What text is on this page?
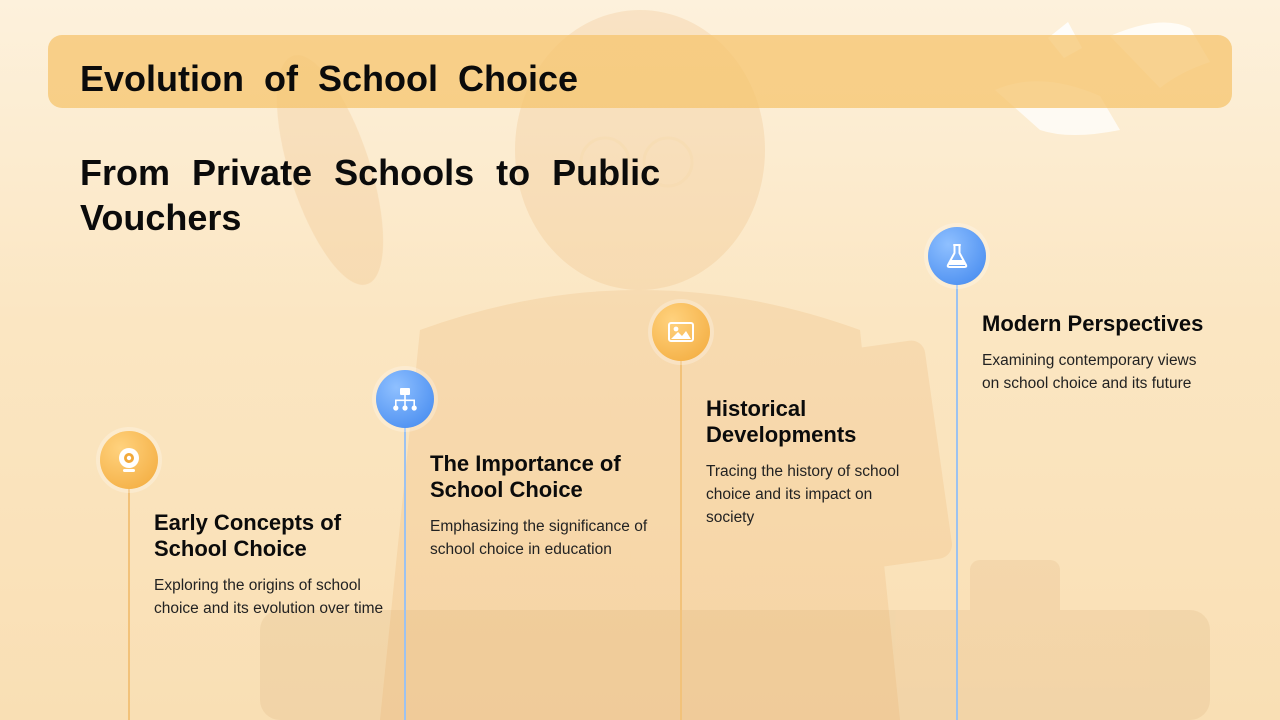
Evolution of School Choice
From Private Schools to Public Vouchers
Early Concepts of School Choice

Exploring the origins of school choice and its evolution over time

The Importance of School Choice

Emphasizing the significance of school choice in education

Historical Developments

Tracing the history of school choice and its impact on society

Modern Perspectives

Examining contemporary views on school choice and its future
